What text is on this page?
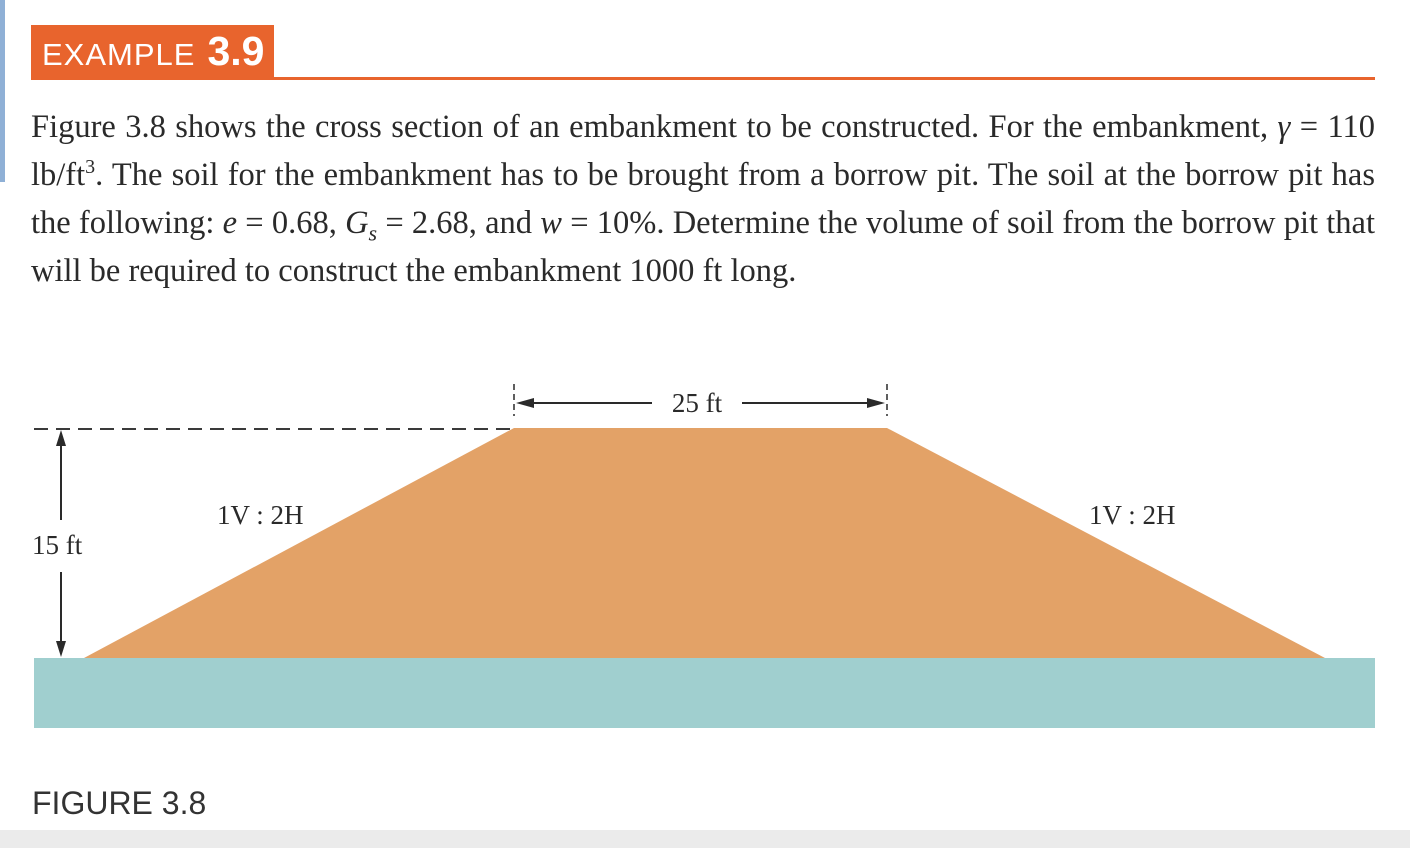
EXAMPLE 3.9

Figure 3.8 shows the cross section of an embankment to be constructed. For the embankment, γ = 110 $lb/ft^3$. The soil for the embankment has to be brought from a borrow pit. The soil at the borrow pit has the following: e = 0.68, $G_s = 2.68$, and w = 10%. Determine the volume of soil from the borrow pit that will be required to construct the embankment 1000 ft long.

15 ft
25 ft
1V : 2H	1V : 2H
FIGURE 3.8
